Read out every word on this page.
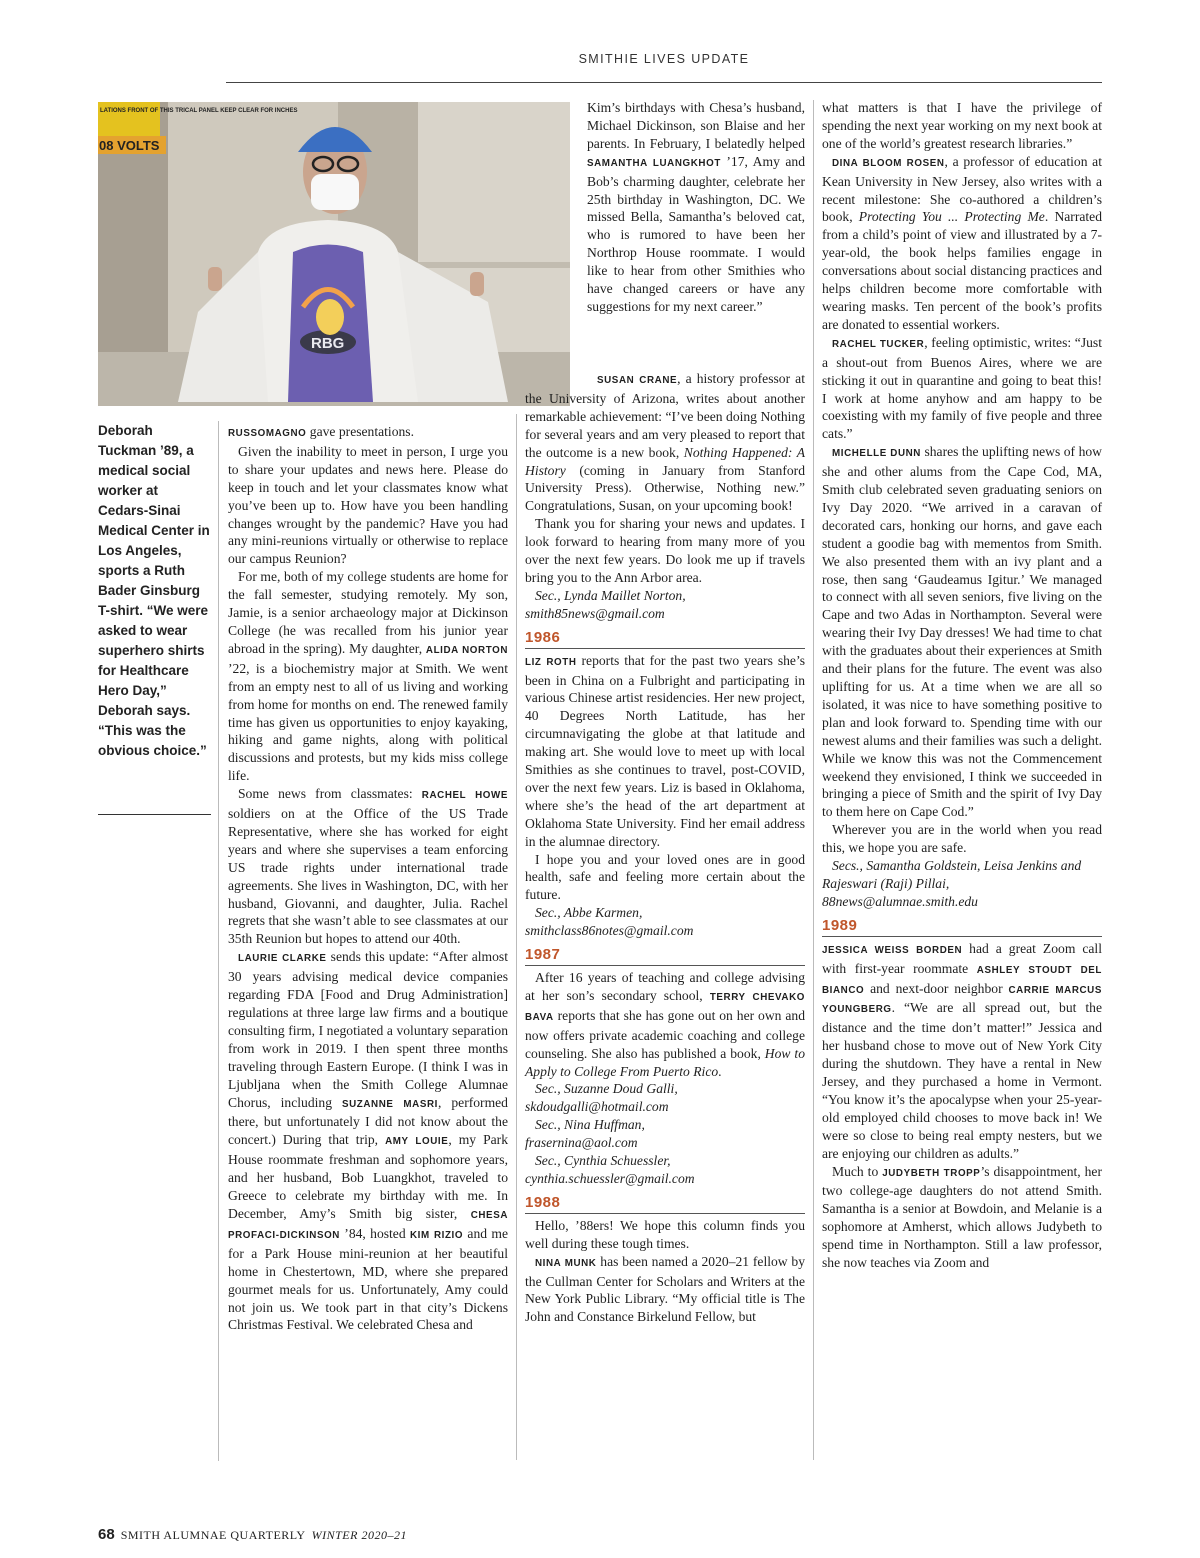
SMITHIE LIVES UPDATE
LATIONS FRONT OF THIS TRICAL PANEL KEEP CLEAR FOR INCHES
08 VOLTS
RBG
Deborah Tuckman ’89, a medical social worker at Cedars-Sinai Medical Center in Los Angeles, sports a Ruth Bader Ginsburg T-shirt. “We were asked to wear superhero shirts for Healthcare Hero Day,” Deborah says. “This was the obvious choice.”

RUSSOMAGNO gave presentations.

Given the inability to meet in person, I urge you to share your updates and news here. Please do keep in touch and let your classmates know what you’ve been up to. How have you been handling changes wrought by the pandemic? Have you had any mini-reunions virtually or otherwise to replace our campus Reunion?

For me, both of my college students are home for the fall semester, studying remotely. My son, Jamie, is a senior archaeology major at Dickinson College (he was recalled from his junior year abroad in the spring). My daughter, ALIDA NORTON ’22, is a biochemistry major at Smith. We went from an empty nest to all of us living and working from home for months on end. The renewed family time has given us opportunities to enjoy kayaking, hiking and game nights, along with political discussions and protests, but my kids miss college life.

Some news from classmates: RACHEL HOWE soldiers on at the Office of the US Trade Representative, where she has worked for eight years and where she supervises a team enforcing US trade rights under international trade agreements. She lives in Washington, DC, with her husband, Giovanni, and daughter, Julia. Rachel regrets that she wasn’t able to see classmates at our 35th Reunion but hopes to attend our 40th.

LAURIE CLARKE sends this update: “After almost 30 years advising medical device companies regarding FDA [Food and Drug Administration] regulations at three large law firms and a boutique consulting firm, I negotiated a voluntary separation from work in 2019. I then spent three months traveling through Eastern Europe. (I think I was in Ljubljana when the Smith College Alumnae Chorus, including SUZANNE MASRI, performed there, but unfortunately I did not know about the concert.) During that trip, AMY LOUIE, my Park House roommate freshman and sophomore years, and her husband, Bob Luangkhot, traveled to Greece to celebrate my birthday with me. In December, Amy’s Smith big sister, CHESA PROFACI-DICKINSON ’84, hosted KIM RIZIO and me for a Park House mini-reunion at her beautiful home in Chestertown, MD, where she prepared gourmet meals for us. Unfortunately, Amy could not join us. We took part in that city’s Dickens Christmas Festival. We celebrated Chesa and

Kim’s birthdays with Chesa’s husband, Michael Dickinson, son Blaise and her parents. In February, I belatedly helped SAMANTHA LUANGKHOT ’17, Amy and Bob’s charming daughter, celebrate her 25th birthday in Washington, DC. We missed Bella, Samantha’s beloved cat, who is rumored to have been her Northrop House roommate. I would like to hear from other Smithies who have changed careers or have any suggestions for my next career.”

SUSAN CRANE, a history professor at the University of Arizona, writes about another remarkable achievement: “I’ve been doing Nothing for several years and am very pleased to report that the outcome is a new book, Nothing Happened: A History (coming in January from Stanford University Press). Otherwise, Nothing new.” Congratulations, Susan, on your upcoming book!

Thank you for sharing your news and updates. I look forward to hearing from many more of you over the next few years. Do look me up if travels bring you to the Ann Arbor area.

Sec., Lynda Maillet Norton,

smith85news@gmail.com

1986

LIZ ROTH reports that for the past two years she’s been in China on a Fulbright and participating in various Chinese artist residencies. Her new project, 40 Degrees North Latitude, has her circumnavigating the globe at that latitude and making art. She would love to meet up with local Smithies as she continues to travel, post-COVID, over the next few years. Liz is based in Oklahoma, where she’s the head of the art department at Oklahoma State University. Find her email address in the alumnae directory.

I hope you and your loved ones are in good health, safe and feeling more certain about the future.

Sec., Abbe Karmen,

smithclass86notes@gmail.com

1987

After 16 years of teaching and college advising at her son’s secondary school, TERRY CHEVAKO BAVA reports that she has gone out on her own and now offers private academic coaching and college counseling. She also has published a book, How to Apply to College From Puerto Rico.

Sec., Suzanne Doud Galli,

skdoudgalli@hotmail.com

Sec., Nina Huffman,

frasernina@aol.com

Sec., Cynthia Schuessler,

cynthia.schuessler@gmail.com

1988

Hello, ’88ers! We hope this column finds you well during these tough times.

NINA MUNK has been named a 2020–21 fellow by the Cullman Center for Scholars and Writers at the New York Public Library. “My official title is The John and Constance Birkelund Fellow, but

what matters is that I have the privilege of spending the next year working on my next book at one of the world’s greatest research libraries.”

DINA BLOOM ROSEN, a professor of education at Kean University in New Jersey, also writes with a recent milestone: She co-authored a children’s book, Protecting You ... Protecting Me. Narrated from a child’s point of view and illustrated by a 7-year-old, the book helps families engage in conversations about social distancing practices and helps children become more comfortable with wearing masks. Ten percent of the book’s profits are donated to essential workers.

RACHEL TUCKER, feeling optimistic, writes: “Just a shout-out from Buenos Aires, where we are sticking it out in quarantine and going to beat this! I work at home anyhow and am happy to be coexisting with my family of five people and three cats.”

MICHELLE DUNN shares the uplifting news of how she and other alums from the Cape Cod, MA, Smith club celebrated seven graduating seniors on Ivy Day 2020. “We arrived in a caravan of decorated cars, honking our horns, and gave each student a goodie bag with mementos from Smith. We also presented them with an ivy plant and a rose, then sang ‘Gaudeamus Igitur.’ We managed to connect with all seven seniors, five living on the Cape and two Adas in Northampton. Several were wearing their Ivy Day dresses! We had time to chat with the graduates about their experiences at Smith and their plans for the future. The event was also uplifting for us. At a time when we are all so isolated, it was nice to have something positive to plan and look forward to. Spending time with our newest alums and their families was such a delight. While we know this was not the Commencement weekend they envisioned, I think we succeeded in bringing a piece of Smith and the spirit of Ivy Day to them here on Cape Cod.”

Wherever you are in the world when you read this, we hope you are safe.

Secs., Samantha Goldstein, Leisa Jenkins and Rajeswari (Raji) Pillai,

88news@alumnae.smith.edu

1989

JESSICA WEISS BORDEN had a great Zoom call with first-year roommate ASHLEY STOUDT DEL BIANCO and next-door neighbor CARRIE MARCUS YOUNGBERG. “We are all spread out, but the distance and the time don’t matter!” Jessica and her husband chose to move out of New York City during the shutdown. They have a rental in New Jersey, and they purchased a home in Vermont. “You know it’s the apocalypse when your 25-year-old employed child chooses to move back in! We were so close to being real empty nesters, but we are enjoying our children as adults.”

Much to JUDYBETH TROPP’s disappointment, her two college-age daughters do not attend Smith. Samantha is a senior at Bowdoin, and Melanie is a sophomore at Amherst, which allows Judybeth to spend time in Northampton. Still a law professor, she now teaches via Zoom and

68 SMITH ALUMNAE QUARTERLY WINTER 2020–21
